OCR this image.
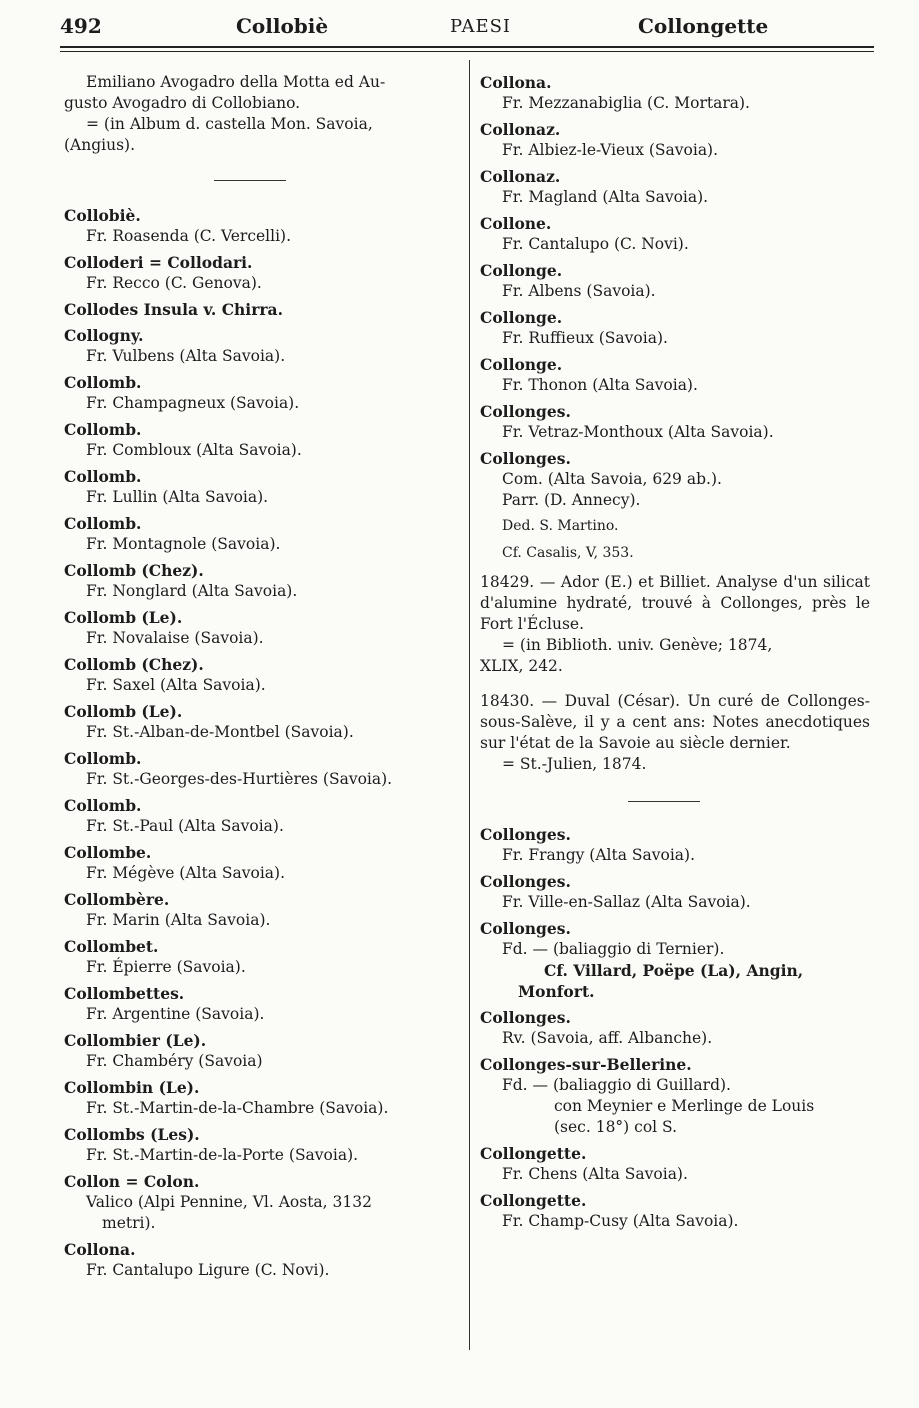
492	Collobiè	PAESI	Collongette
Emiliano Avogadro della Motta ed Au-
gusto Avogadro di Collobiano.
= (in Album d. castella Mon. Savoia,
(Angius).
Collobiè.
Fr. Roasenda (C. Vercelli).
Colloderi = Collodari.
Fr. Recco (C. Genova).
Collodes Insula v. Chirra.
Collogny.
Fr. Vulbens (Alta Savoia).
Collomb.
Fr. Champagneux (Savoia).
Collomb.
Fr. Combloux (Alta Savoia).
Collomb.
Fr. Lullin (Alta Savoia).
Collomb.
Fr. Montagnole (Savoia).
Collomb (Chez).
Fr. Nonglard (Alta Savoia).
Collomb (Le).
Fr. Novalaise (Savoia).
Collomb (Chez).
Fr. Saxel (Alta Savoia).
Collomb (Le).
Fr. St.-Alban-de-Montbel (Savoia).
Collomb.
Fr. St.-Georges-des-Hurtières (Savoia).
Collomb.
Fr. St.-Paul (Alta Savoia).
Collombe.
Fr. Mégève (Alta Savoia).
Collombère.
Fr. Marin (Alta Savoia).
Collombet.
Fr. Épierre (Savoia).
Collombettes.
Fr. Argentine (Savoia).
Collombier (Le).
Fr. Chambéry (Savoia)
Collombin (Le).
Fr. St.-Martin-de-la-Chambre (Savoia).
Collombs (Les).
Fr. St.-Martin-de-la-Porte (Savoia).
Collon = Colon.
Valico (Alpi Pennine, Vl. Aosta, 3132
metri).
Collona.
Fr. Cantalupo Ligure (C. Novi).
Collona.
Fr. Mezzanabiglia (C. Mortara).
Collonaz.
Fr. Albiez-le-Vieux (Savoia).
Collonaz.
Fr. Magland (Alta Savoia).
Collone.
Fr. Cantalupo (C. Novi).
Collonge.
Fr. Albens (Savoia).
Collonge.
Fr. Ruffieux (Savoia).
Collonge.
Fr. Thonon (Alta Savoia).
Collonges.
Fr. Vetraz-Monthoux (Alta Savoia).
Collonges.
Com. (Alta Savoia, 629 ab.).
Parr. (D. Annecy).
Ded. S. Martino.
Cf. Casalis, V, 353.
18429. — Ador (E.) et Billiet. Analyse d'un silicat d'alumine hydraté, trouvé à Collonges, près le Fort l'Écluse.
= (in Biblioth. univ. Genève; 1874,
XLIX, 242.
18430. — Duval (César). Un curé de Collonges-sous-Salève, il y a cent ans: Notes anecdotiques sur l'état de la Savoie au siècle dernier.
= St.-Julien, 1874.
Collonges.
Fr. Frangy (Alta Savoia).
Collonges.
Fr. Ville-en-Sallaz (Alta Savoia).
Collonges.
Fd. — (baliaggio di Ternier).
Cf. Villard, Poëpe (La), Angin,
Monfort.
Collonges.
Rv. (Savoia, aff. Albanche).
Collonges-sur-Bellerine.
Fd. — (baliaggio di Guillard).
con Meynier e Merlinge de Louis
(sec. 18°) col S.
Collongette.
Fr. Chens (Alta Savoia).
Collongette.
Fr. Champ-Cusy (Alta Savoia).
